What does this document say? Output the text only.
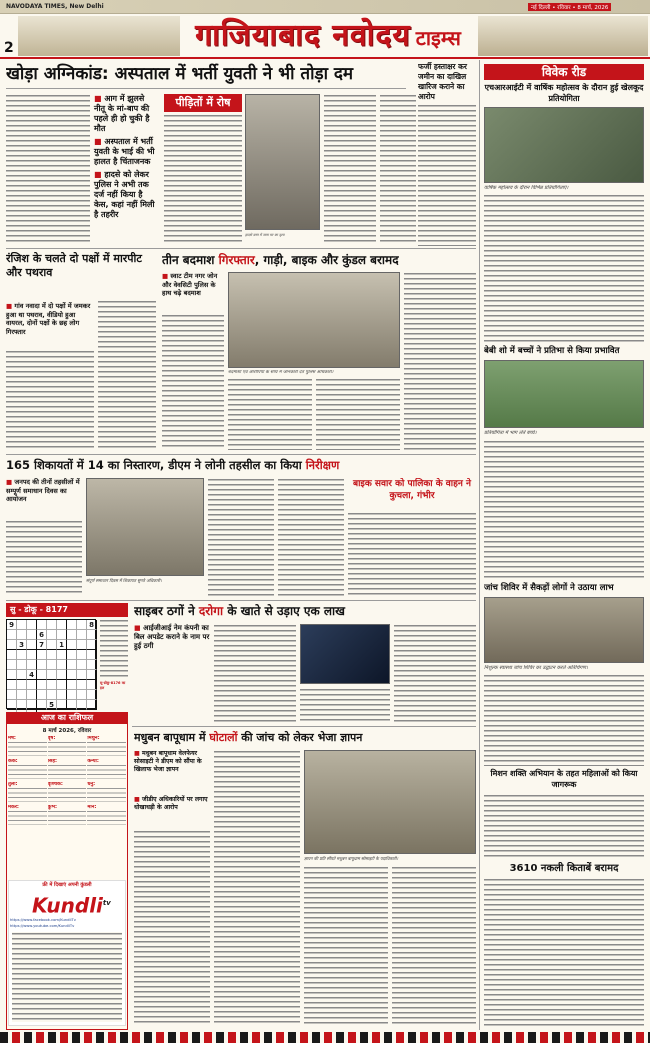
NAVODAYA TIMES, New Delhi	नई दिल्ली • रविवार • 8 मार्च, 2026
2	गाजियाबाद नवोदय टाइम्स
खोड़ा अग्निकांड: अस्पताल में भर्ती युवती ने भी तोड़ा दम
■ आग में झुलसे नीतू के मां-बाप की पहले ही हो चुकी है मौत
■ अस्पताल में भर्ती युवती के भाई की भी हालत है चिंताजनक
■ हादसे को लेकर पुलिस ने अभी तक दर्ज नहीं किया है केस, कहां नहीं मिली है तहरीर
पीड़ितों में रोष
हादसे ग्रस्त में जला घर का दृश्य
फर्जी हस्ताक्षर कर जमीन का दाखिल खारिज कराने का आरोप
विवेक रीड
एचआरआईटी में वार्षिक महोत्सव के दौरान हुई खेलकूद प्रतियोगिता
वार्षिक महोत्सव के दौरान विभिन्न प्रतियोगिताएं।
बेबी शो में बच्चों ने प्रतिभा से किया प्रभावित
प्रतियोगिता में भाग लेते बच्चे।
जांच शिविर में सैकड़ों लोगों ने उठाया लाभ
निशुल्क स्वास्थ्य जांच शिविर का उद्घाटन करते अतिथिगण।
मिशन शक्ति अभियान के तहत महिलाओं को किया जागरूक
3610 नकली किताबें बरामद
रंजिश के चलते दो पक्षों में मारपीट और पथराव
■ गांव नवादा में दो पक्षों में जमकर हुआ था पथराव, वीडियो हुआ वायरल, दोनों पक्षों के छह लोग गिरफ्तार
तीन बदमाश गिरफ्तार, गाड़ी, बाइक और कुंडल बरामद
■ स्वाट टीम नगर जोन और वेवसिटी पुलिस के हाथ चढ़े बदमाश
बदमाशों एवं आरोपियों के साथ में जानकारी देते पुलिस अधिकारी।
165 शिकायतों में 14 का निस्तारण, डीएम ने लोनी तहसील का किया निरीक्षण
■ जनपद की तीनों तहसीलों में सम्पूर्ण समाधान दिवस का आयोजन
संपूर्ण समाधान दिवस में शिकायत सुनते अधिकारी।
बाइक सवार को पालिका के वाहन ने कुचला, गंभीर
सु - डोकू - 8177
9	8
6
3	7	1
4
5
सु-डोकू-8176 का हल
साइबर ठगों ने दरोगा के खाते से उड़ाए एक लाख
■ आईजीआई नेम कंपनी का बिल अपडेट कराने के नाम पर हुई ठगी
आज का राशिफल
8 मार्च 2026, रविवार
मेष:	वृष:	मिथुन:
कर्क:	सिंह:	कन्या:
तुला:	वृश्चिक:	धनु:
मकर:	कुंभ:	मीन:
फ्री में दिखाएं अपनी कुंडली
Kundli$^{tv}$
https://www.facebook.com/KundliTv
https://www.youtube.com/KundliTv
मधुबन बापूधाम में घोटालों की जांच को लेकर भेजा ज्ञापन
■ मधुबन बापूधाम वेलफेयर सोसाइटी ने डीएम को सौंपा के खिलाफ भेजा ज्ञापन
■ जीडीए अधिकारियों पर लगाए धोखाधड़ी के आरोप
ज्ञापन की प्रति सौंपते मधुबन बापूधाम सोसाइटी के पदाधिकारी।
